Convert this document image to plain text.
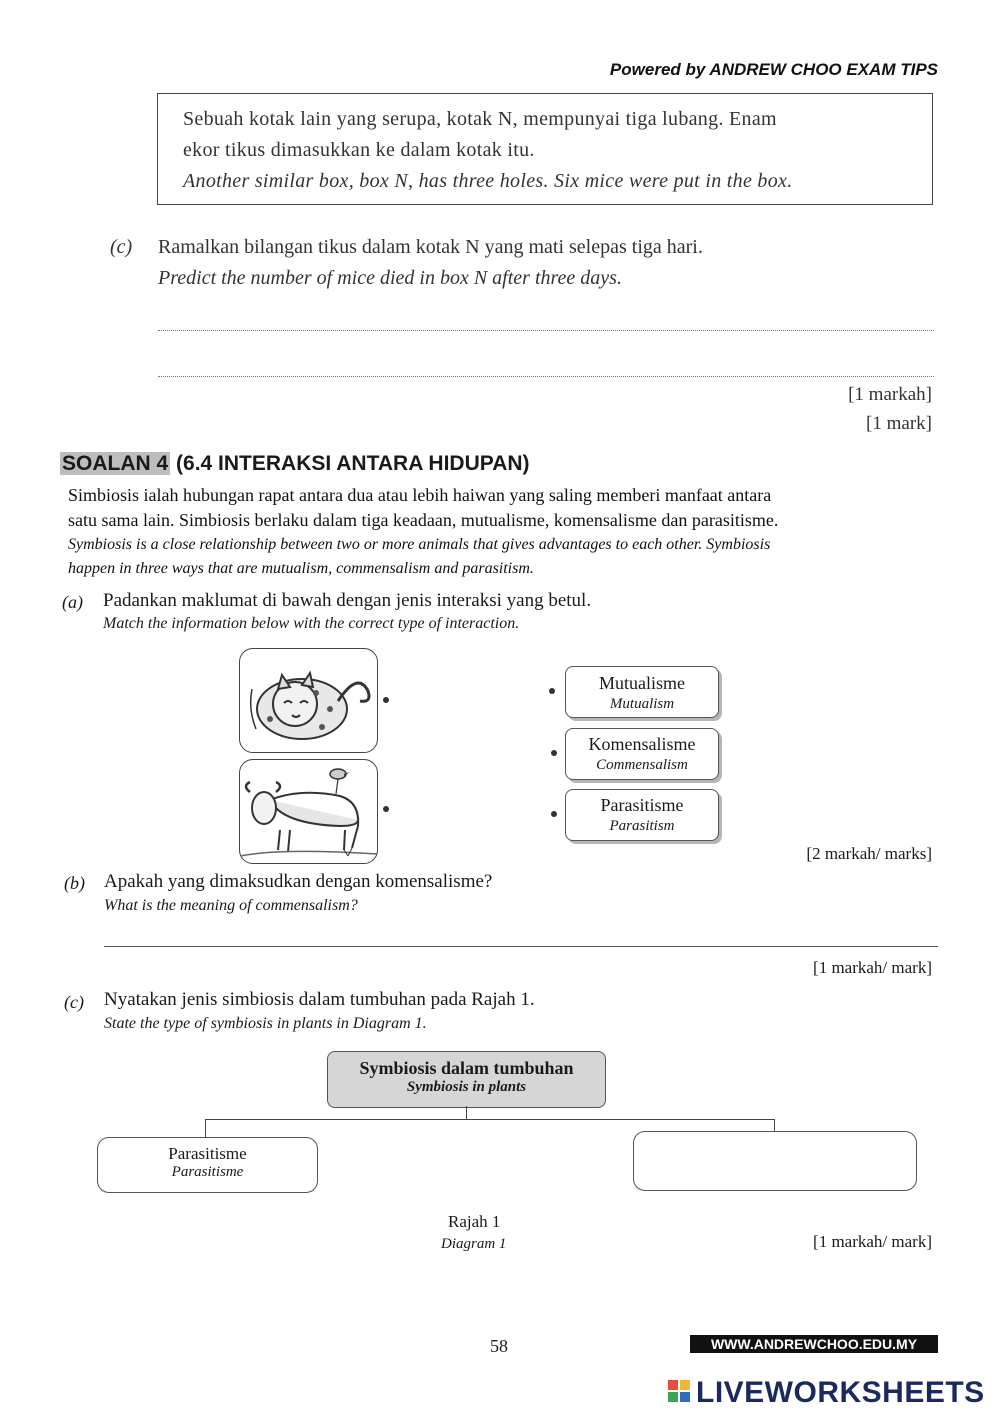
Powered by ANDREW CHOO EXAM TIPS
Sebuah kotak lain yang serupa, kotak N, mempunyai tiga lubang. Enam
ekor tikus dimasukkan ke dalam kotak itu.
Another similar box, box N, has three holes. Six mice were put in the box.
(c) Ramalkan bilangan tikus dalam kotak N yang mati selepas tiga hari.
Predict the number of mice died in box N after three days.
[1 markah]
[1 mark]
SOALAN 4 (6.4 INTERAKSI ANTARA HIDUPAN)
Simbiosis ialah hubungan rapat antara dua atau lebih haiwan yang saling memberi manfaat antara
satu sama lain. Simbiosis berlaku dalam tiga keadaan, mutualisme, komensalisme dan parasitisme.
Symbiosis is a close relationship between two or more animals that gives advantages to each other. Symbiosis
happen in three ways that are mutualism, commensalism and parasitism.
(a) Padankan maklumat di bawah dengan jenis interaksi yang betul.
Match the information below with the correct type of interaction.
Mutualisme
Mutualism
Komensalisme
Commensalism
Parasitisme
Parasitism
[2 markah/ marks]
(b) Apakah yang dimaksudkan dengan komensalisme?
What is the meaning of commensalism?
[1 markah/ mark]
(c) Nyatakan jenis simbiosis dalam tumbuhan pada Rajah 1.
State the type of symbiosis in plants in Diagram 1.
Symbiosis dalam tumbuhan
Symbiosis in plants
Parasitisme
Parasitisme
Rajah 1
Diagram 1	[1 markah/ mark]
58	WWW.ANDREWCHOO.EDU.MY
LIVEWORKSHEETS
